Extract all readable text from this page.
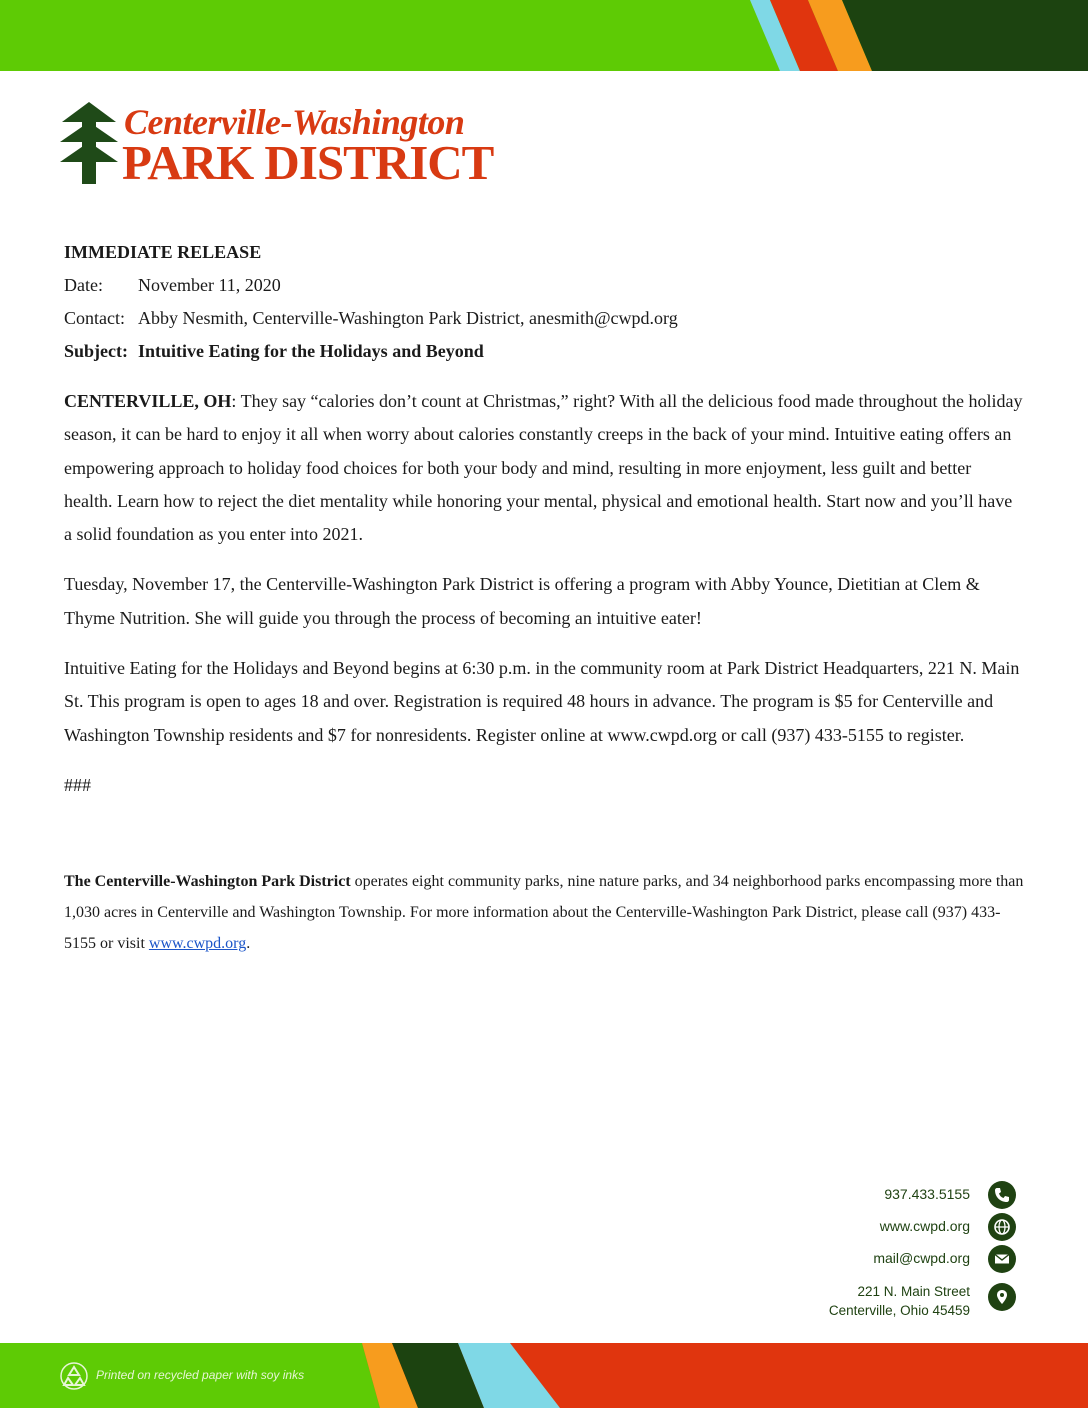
Centerville-Washington
PARK DISTRICT
IMMEDIATE RELEASE
Date: November 11, 2020
Contact: Abby Nesmith, Centerville-Washington Park District, anesmith@cwpd.org
Subject: Intuitive Eating for the Holidays and Beyond

CENTERVILLE, OH: They say “calories don’t count at Christmas,” right? With all the delicious food made throughout the holiday season, it can be hard to enjoy it all when worry about calories constantly creeps in the back of your mind. Intuitive eating offers an empowering approach to holiday food choices for both your body and mind, resulting in more enjoyment, less guilt and better health. Learn how to reject the diet mentality while honoring your mental, physical and emotional health. Start now and you’ll have a solid foundation as you enter into 2021.

Tuesday, November 17, the Centerville-Washington Park District is offering a program with Abby Younce, Dietitian at Clem & Thyme Nutrition. She will guide you through the process of becoming an intuitive eater!

Intuitive Eating for the Holidays and Beyond begins at 6:30 p.m. in the community room at Park District Headquarters, 221 N. Main St. This program is open to ages 18 and over. Registration is required 48 hours in advance. The program is $5 for Centerville and Washington Township residents and $7 for nonresidents. Register online at www.cwpd.org or call (937) 433-5155 to register.

###

The Centerville-Washington Park District operates eight community parks, nine nature parks, and 34 neighborhood parks encompassing more than 1,030 acres in Centerville and Washington Township. For more information about the Centerville-Washington Park District, please call (937) 433-5155 or visit www.cwpd.org.
937.433.5155
www.cwpd.org
mail@cwpd.org
221 N. Main Street
Centerville, Ohio 45459
Printed on recycled paper with soy inks
